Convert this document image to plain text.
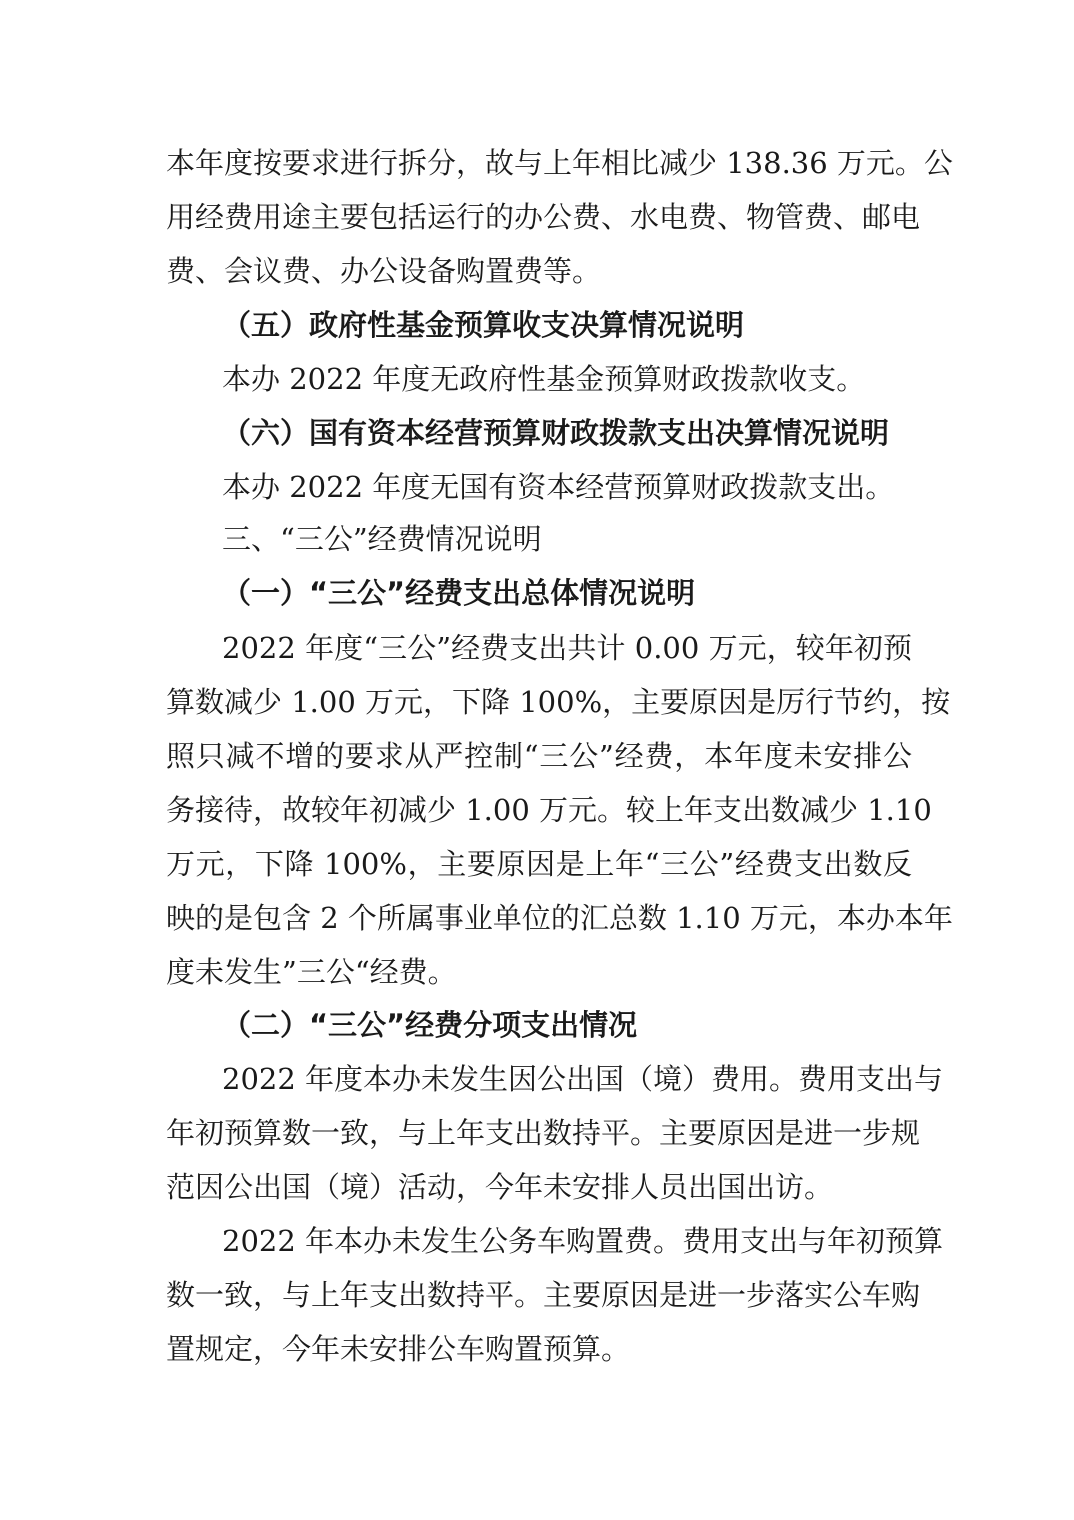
本年度按要求进行拆分，故与上年相比减少 138.36 万元。公
用经费用途主要包括运行的办公费、水电费、物管费、邮电
费、会议费、办公设备购置费等。
（五）政府性基金预算收支决算情况说明
本办 2022 年度无政府性基金预算财政拨款收支。
（六）国有资本经营预算财政拨款支出决算情况说明
本办 2022 年度无国有资本经营预算财政拨款支出。
三、“三公”经费情况说明
（一）“三公”经费支出总体情况说明
2022 年度“三公”经费支出共计 0.00 万元，较年初预
算数减少 1.00 万元，下降 100%，主要原因是厉行节约，按
照只减不增的要求从严控制“三公”经费，本年度未安排公
务接待，故较年初减少 1.00 万元。较上年支出数减少 1.10
万元，下降 100%，主要原因是上年“三公”经费支出数反
映的是包含 2 个所属事业单位的汇总数 1.10 万元，本办本年
度未发生”三公“经费。
（二）“三公”经费分项支出情况
2022 年度本办未发生因公出国（境）费用。费用支出与
年初预算数一致，与上年支出数持平。主要原因是进一步规
范因公出国（境）活动，今年未安排人员出国出访。
2022 年本办未发生公务车购置费。费用支出与年初预算
数一致，与上年支出数持平。主要原因是进一步落实公车购
置规定，今年未安排公车购置预算。
